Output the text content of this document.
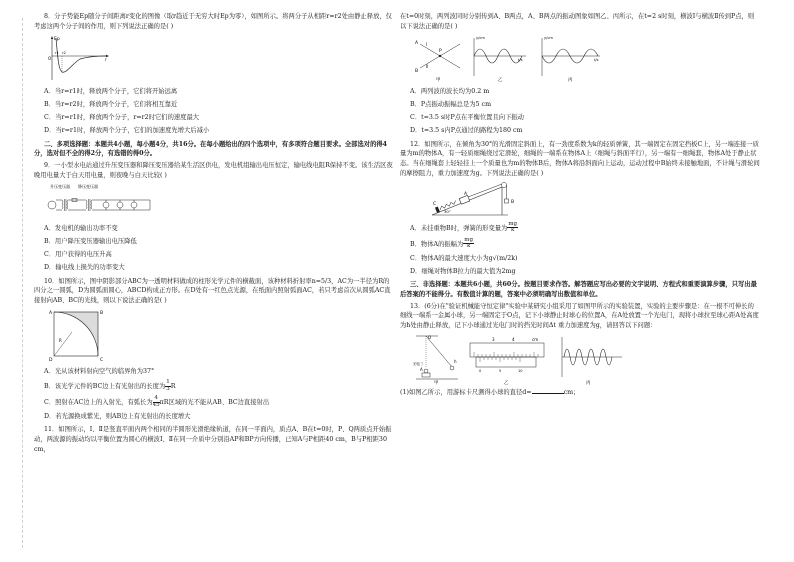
8．分子势能Ep随分子间距离r变化的图像（取r趋近于无穷大时Ep为零），如图所示。将两分子从相距r=r2处由静止释放，仅考虑这两个分子间的作用，则下列说法正确的是( )

Ep
O
r1 r2
r

A．当r=r1时，释放两个分子，它们将开始远离

B．当r=r2时，释放两个分子，它们将相互靠近

C．当r=r1时，释放两个分子，r=r2时它们的速度最大

D．当r=r1时，释放两个分子，它们的加速度先增大后减小

二、多项选择题：本题共4小题，每小题4分，共16分。在每小题给出的四个选项中，有多项符合题目要求。全部选对的得4分，选对但不全的得2分，有选错的得0分。

9．一小型水电站通过升压变压器和降压变压器给某生活区供电，发电机组输出电压恒定，输电线电阻R保持不变。该生活区夜晚用电量大于白天用电量，则夜晚与白天比较( )

升压变压器 降压变压器

A．发电机的输出功率不变

B．用户降压变压器输出电压降低

C．用户获得的电压升高

D．输电线上损失的功率变大

10．如图所示，图中阴影部分ABC为一透明材料做成的柱形光学元件的横截面，该种材料折射率n=5/3，AC为一半径为R的四分之一圆弧，D为圆弧面圆心，ABCD构成正方形。在D处有一红色点光源，在纸面内照射弧面AC，若只考虑首次从圆弧AC直接射向AB、BC的光线，则以下说法正确的是( )

A	B
C
D
R

A．光从该材料射向空气的临界角为37°

B．该光学元件的BC边上有光射出的长度为 $\frac{1}{3}$ R

C．照射在AC边上的入射光，有弧长为 $\frac{4}{45}$ πR区域的光不能从AB、BC边直接射出

D．若光源换成紫光，则AB边上有光射出的长度增大

11．如图所示，Ⅰ、Ⅱ是竖直平面内两个相同的半圆形光滑绝缘轨道，在同一平面内，质点A、B在t=0时，P、Q两质点开始振动，两波源的振动均以平衡位置为圆心的横波Ⅰ、Ⅱ在同一介质中分别沿AP和BP方向传播，已知A与P相距40 cm，B与P相距30 cm，

在t=0时刻，两列波同时分别传到A、B两点，A、B两点的振动图象如图乙、丙所示，在t=2 s时刻，横波Ⅰ与横波Ⅱ传到P点，则以下说法正确的是( )

A
B
P
Ⅰ
Ⅱ
甲
y/cm
t/s
乙
y/cm
t/s
丙

A．两列波的波长均为0.2 m

B．P点振动振幅总是为5 cm

C．t=3.5 s时P点在平衡位置且向下振动

D．t=3.5 s内P点通过的路程为180 cm

12．如图所示，在倾角为30°的光滑固定斜面上，有一劲度系数为k的轻质弹簧，其一端固定在固定挡板C上，另一端连接一质量为m的物体A，有一轻质细绳绕过定滑轮，细绳的一端系在物体A上（细绳与斜面平行），另一端有一细绳套，物体A处于静止状态。当在细绳套上轻轻挂上一个质量也为m的物体B后，物体A将沿斜面向上运动，运动过程中B始终未接触地面，不计绳与滑轮间的摩擦阻力，重力加速度为g。下列说法正确的是( )

C
A
B
30°

A．未挂重物B时，弹簧的形变量为 $\frac{mg}{k}$

B．物体A的振幅为 $\frac{mg}{k}$

C．物体A的最大速度大小为g√(m/2k)

D．细绳对物体B拉力的最大值为2mg

三、非选择题：本题共6小题，共60分。按题目要求作答。解答题应写出必要的文字说明、方程式和重要演算步骤，只写出最后答案的不能得分。有数值计算的题，答案中必须明确写出数值和单位。

13．(6分)在"验证机械能守恒定律"实验中某研究小组采用了如图甲所示的实验装置，实验的主要步骤是：在一根不可伸长的细线一端系一金属小球，另一端固定于O点，记下小球静止时球心的位置A，在A处放置一个光电门，现将小球拉至球心距A处高度为h处由静止释放，记下小球通过光电门时的挡光时间Δt 重力加速度为g，请回答以下问题：

O
A
h
光电门
甲
3	4	cm
0	5	10
乙	丙

(1)如图乙所示，用游标卡尺测得小球的直径d=	cm；
